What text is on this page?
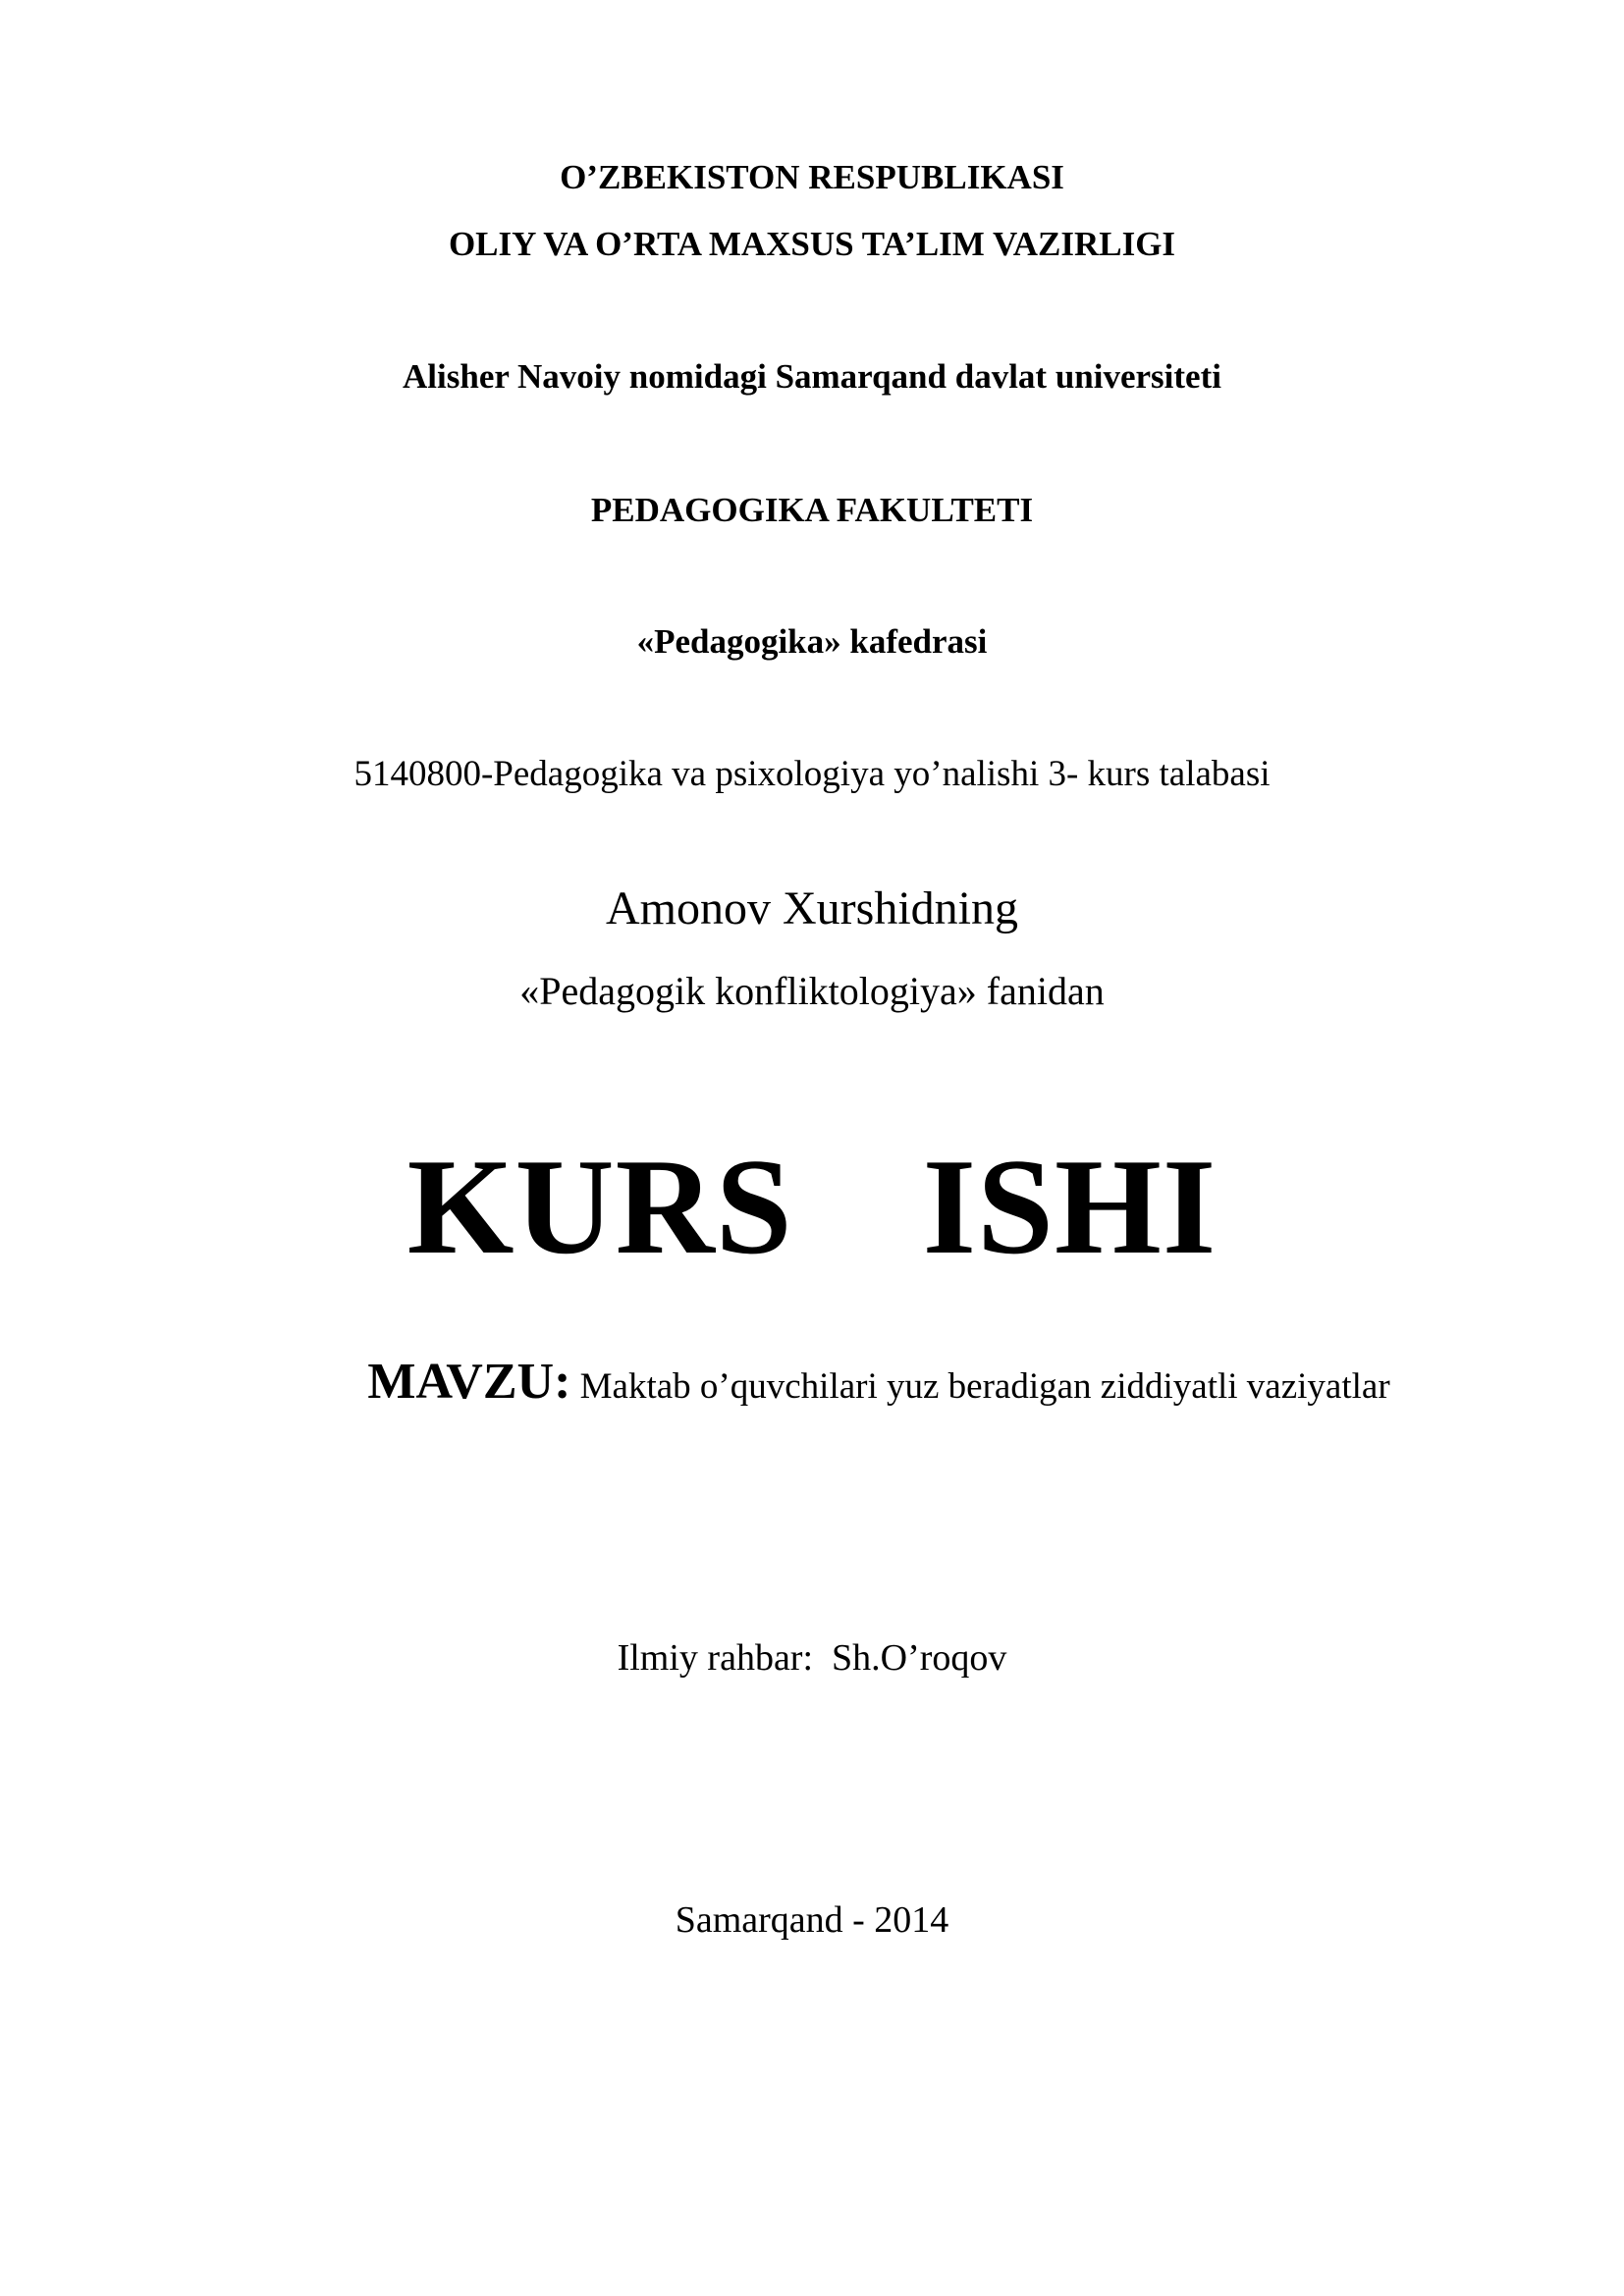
O’ZBEKISTON RESPUBLIKASI
OLIY VA O’RTA MAXSUS TA’LIM VAZIRLIGI
Alisher Navoiy nomidagi Samarqand davlat universiteti
PEDAGOGIKA FAKULTETI
«Pedagogika» kafedrasi
5140800-Pedagogika va psixologiya yo’nalishi 3- kurs talabasi
Amonov Xurshidning
«Pedagogik konfliktologiya» fanidan
KURS  ISHI
MAVZU: Maktab o’quvchilari yuz beradigan ziddiyatli vaziyatlar
Ilmiy rahbar:  Sh.O’roqov
Samarqand - 2014
